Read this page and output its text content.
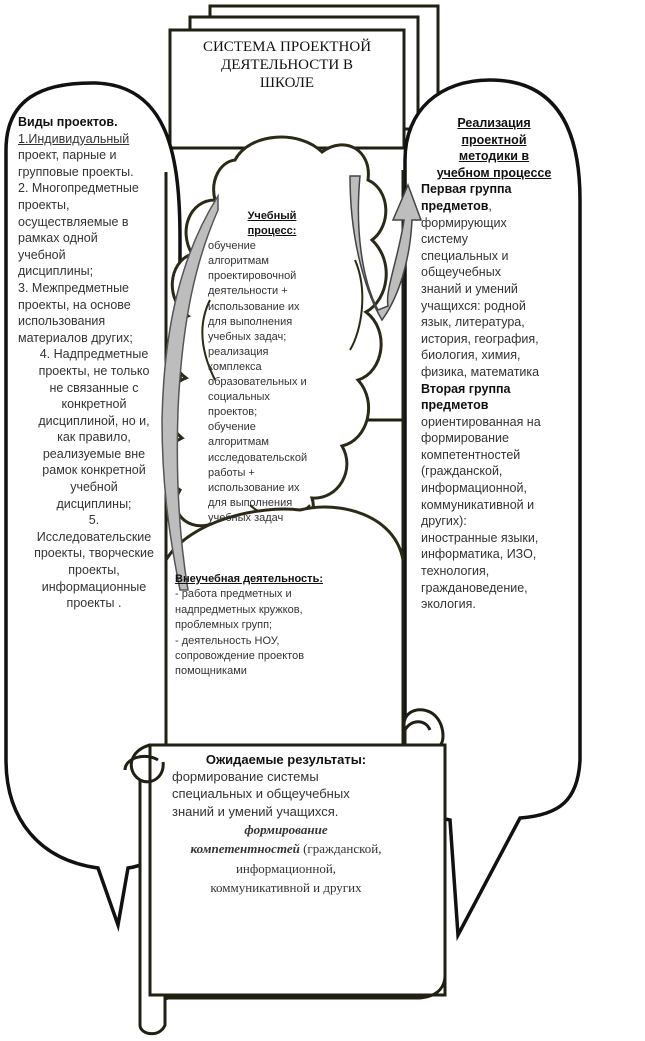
СИСТЕМА ПРОЕКТНОЙ
ДЕЯТЕЛЬНОСТИ В
ШКОЛЕ
Виды проектов.
1.Индивидуальный
проект, парные и
групповые проекты.
2. Многопредметные
проекты,
осуществляемые в
рамках одной
учебной
дисциплины;
3. Межпредметные
проекты, на основе
использования
материалов других;
4. Надпредметные
проекты, не только
не связанные с
конкретной
дисциплиной, но и,
как правило,
реализуемые вне
рамок конкретной
учебной
дисциплины;
5.
Исследовательские
проекты, творческие
проекты,
информационные
проекты .
Реализация
проектной
методики в
учебном процессе
Первая группа
предметов,
формирующих
систему
специальных и
общеучебных
знаний и умений
учащихся: родной
язык, литература,
история, география,
биология, химия,
физика, математика
Вторая группа
предметов
ориентированная на
формирование
компетентностей
(гражданской,
информационной,
коммуникативной и
других):
иностранные языки,
информатика, ИЗО,
технология,
граждановедение,
экология.
Учебный
процесс:
обучение
алгоритмам
проектировочной
деятельности +
использование их
для выполнения
учебных задач;
реализация
комплекса
образовательных и
социальных
проектов;
обучение
алгоритмам
исследовательской
работы +
использование их
для выполнения
учебных задач
Внеучебная деятельность:
- работа предметных и
надпредметных кружков,
проблемных групп;
- деятельность НОУ,
сопровождение проектов
помощниками
Ожидаемые результаты:
формирование системы
специальных и общеучебных
знаний и умений учащихся.
формирование
компетентностей (гражданской,
информационной,
коммуникативной и других
